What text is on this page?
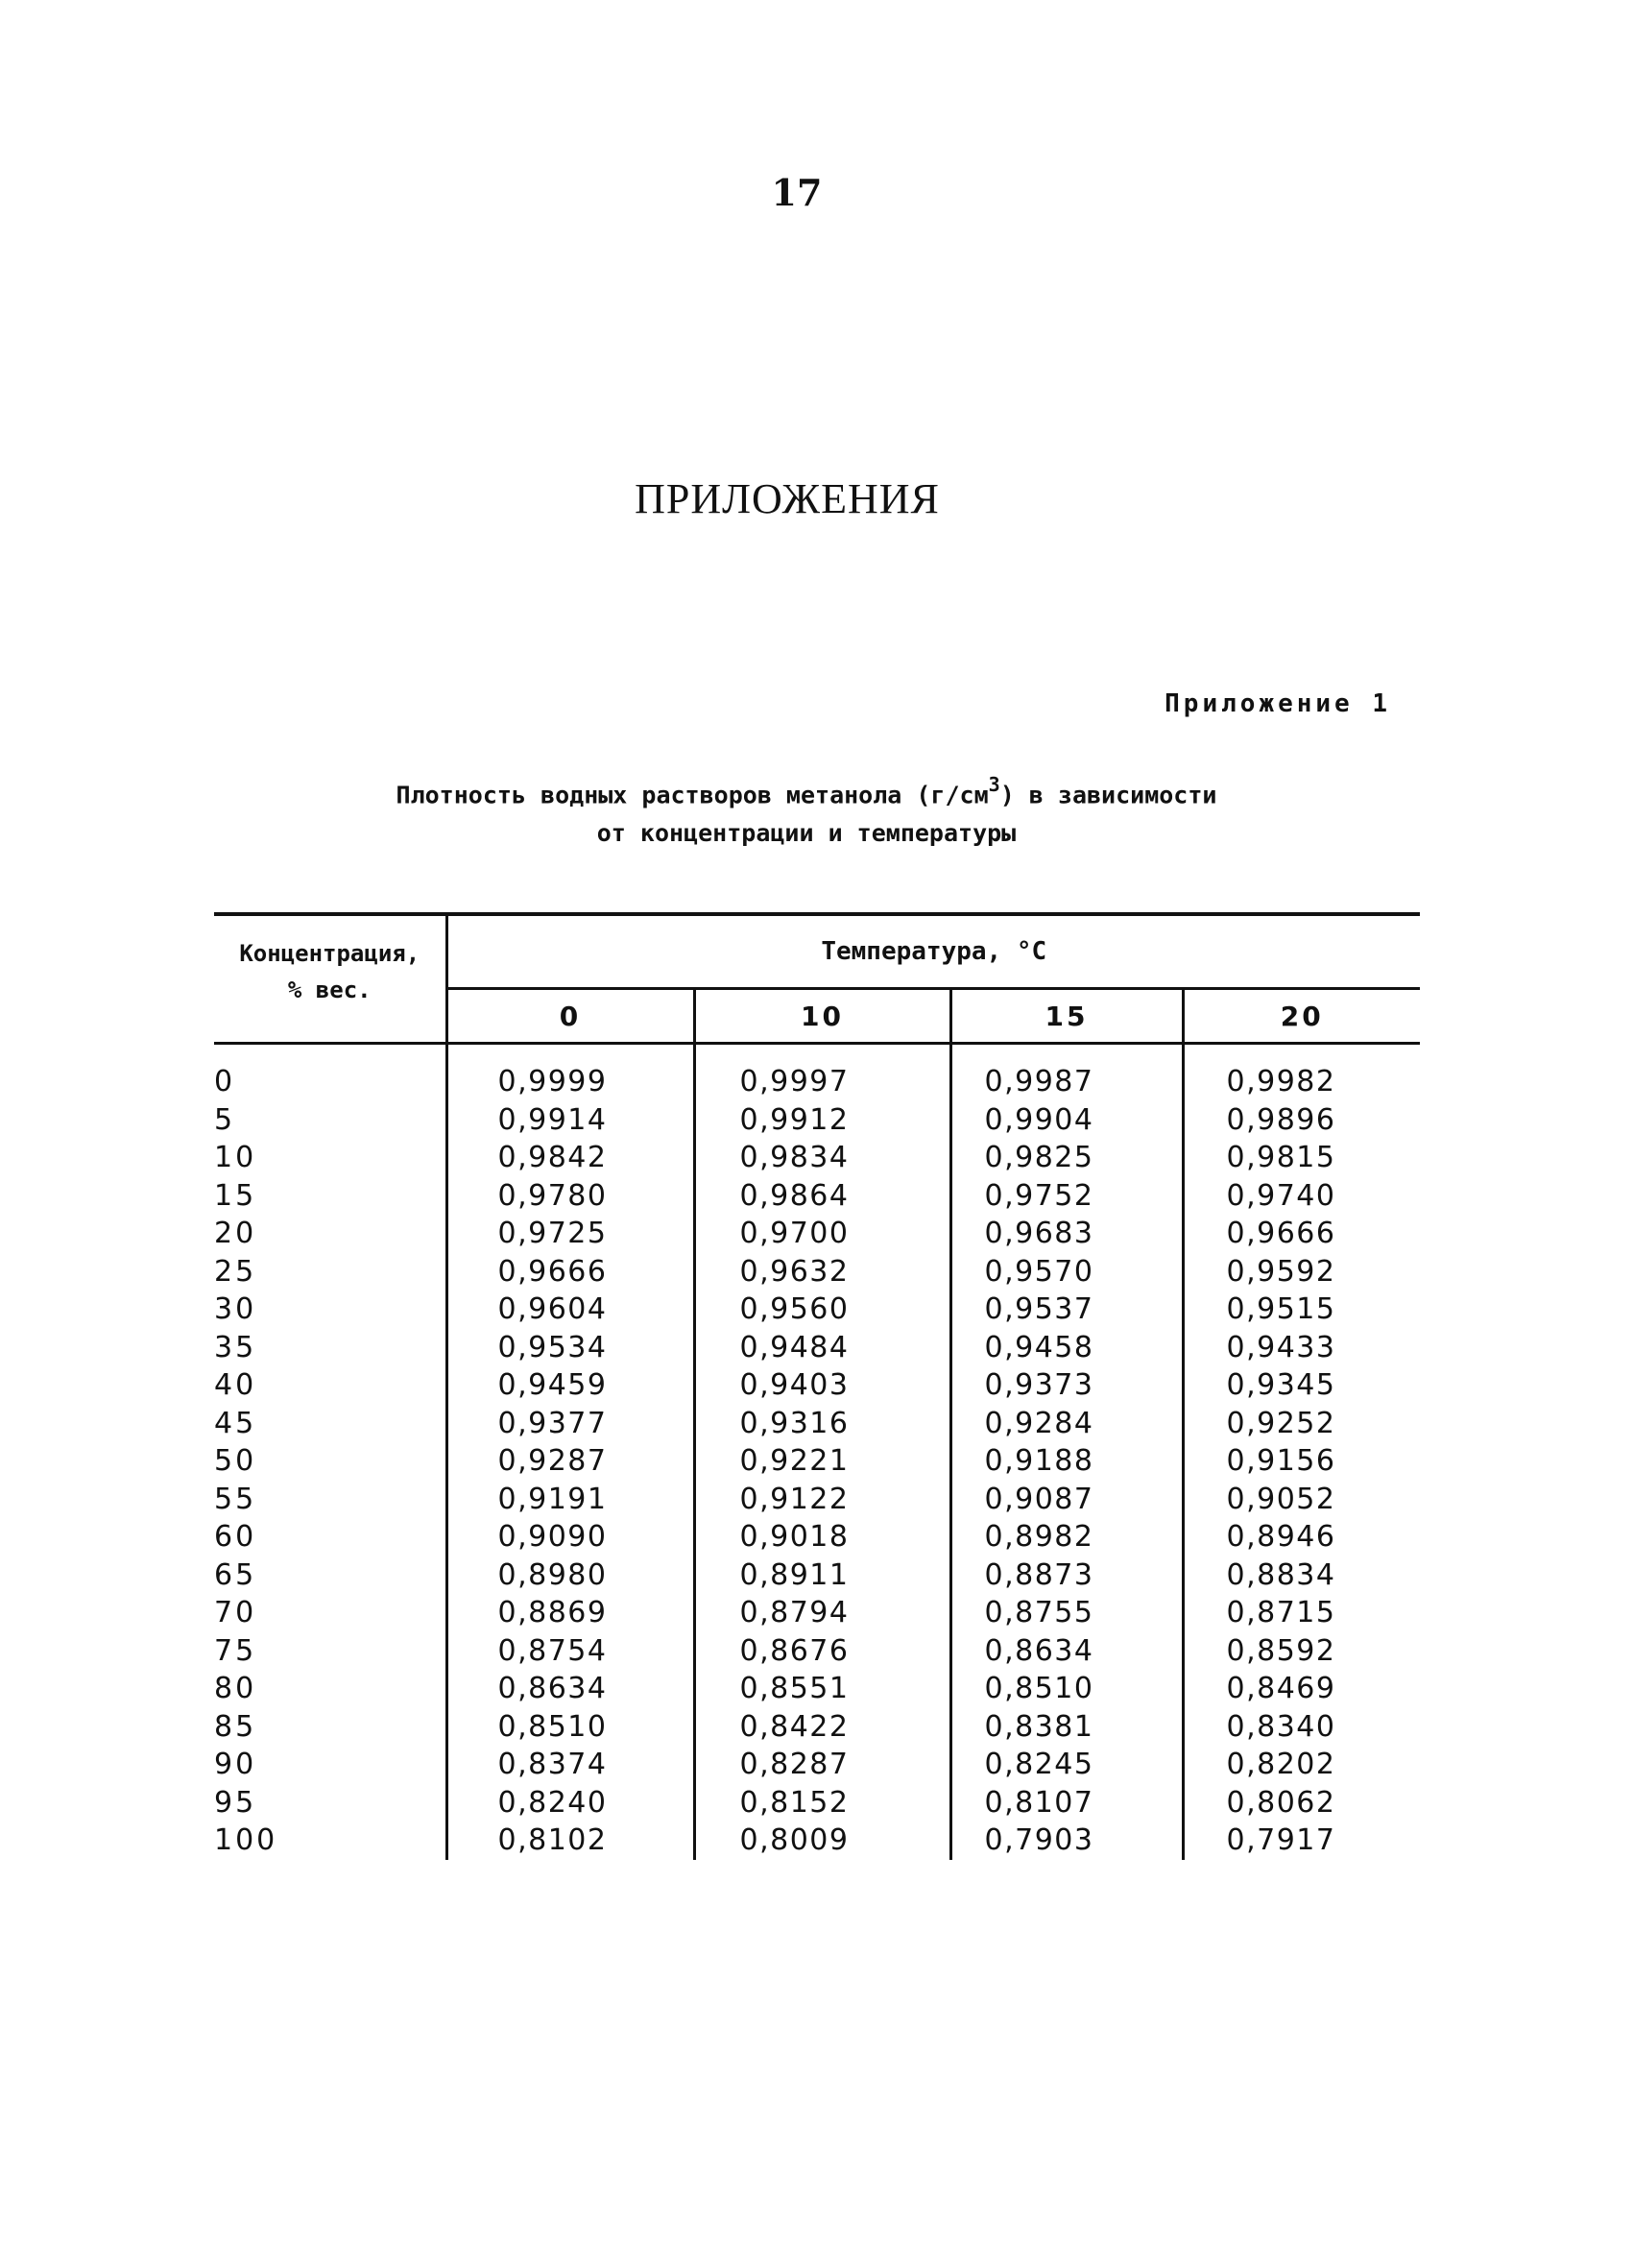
17
ПРИЛОЖЕНИЯ
Приложение 1
Плотность водных растворов метанола $(г/см^3)$ в зависимости
от концентрации и температуры
Концентрация,
% вес.	Температура, °С			
	0	10	15	20
0	0,9999	0,9997	0,9987	0,9982
5	0,9914	0,9912	0,9904	0,9896
10	0,9842	0,9834	0,9825	0,9815
15	0,9780	0,9864	0,9752	0,9740
20	0,9725	0,9700	0,9683	0,9666
25	0,9666	0,9632	0,9570	0,9592
30	0,9604	0,9560	0,9537	0,9515
35	0,9534	0,9484	0,9458	0,9433
40	0,9459	0,9403	0,9373	0,9345
45	0,9377	0,9316	0,9284	0,9252
50	0,9287	0,9221	0,9188	0,9156
55	0,9191	0,9122	0,9087	0,9052
60	0,9090	0,9018	0,8982	0,8946
65	0,8980	0,8911	0,8873	0,8834
70	0,8869	0,8794	0,8755	0,8715
75	0,8754	0,8676	0,8634	0,8592
80	0,8634	0,8551	0,8510	0,8469
85	0,8510	0,8422	0,8381	0,8340
90	0,8374	0,8287	0,8245	0,8202
95	0,8240	0,8152	0,8107	0,8062
100	0,8102	0,8009	0,7903	0,7917
